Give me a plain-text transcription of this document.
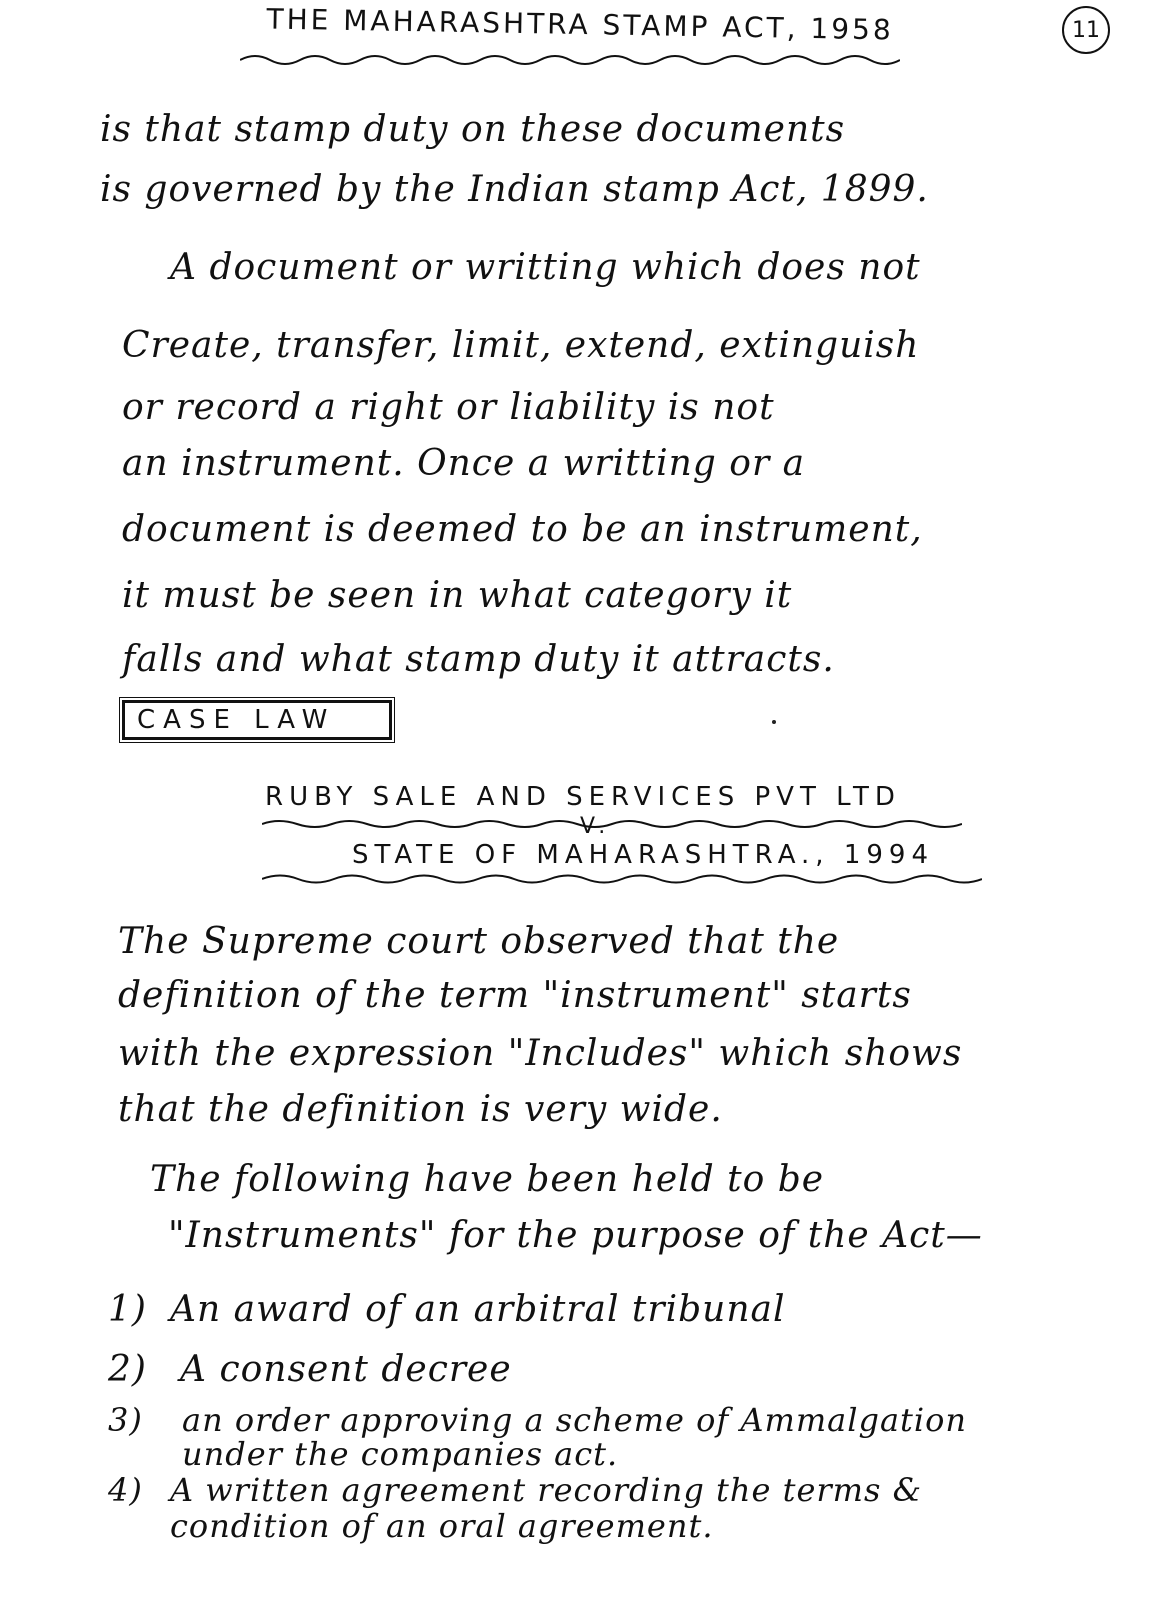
THE MAHARASHTRA STAMP ACT, 1958	11
is that stamp duty on these documents
is governed by the Indian stamp Act, 1899.
A document or writting which does not
Create, transfer, limit, extend, extinguish
or record a right or liability is not
an instrument. Once a writting or a
document is deemed to be an instrument,
it must be seen in what category it
falls and what stamp duty it attracts.
CASE LAW
RUBY SALE AND SERVICES PVT LTD
V.
STATE OF MAHARASHTRA., 1994
The Supreme court observed that the
definition of the term "instrument" starts
with the expression "Includes" which shows
that the definition is very wide.
The following have been held to be
"Instruments" for the purpose of the Act—
1) An award of an arbitral tribunal
2) A consent decree
3) an order approving a scheme of Ammalgation
under the companies act.
4) A written agreement recording the terms &
condition of an oral agreement.
